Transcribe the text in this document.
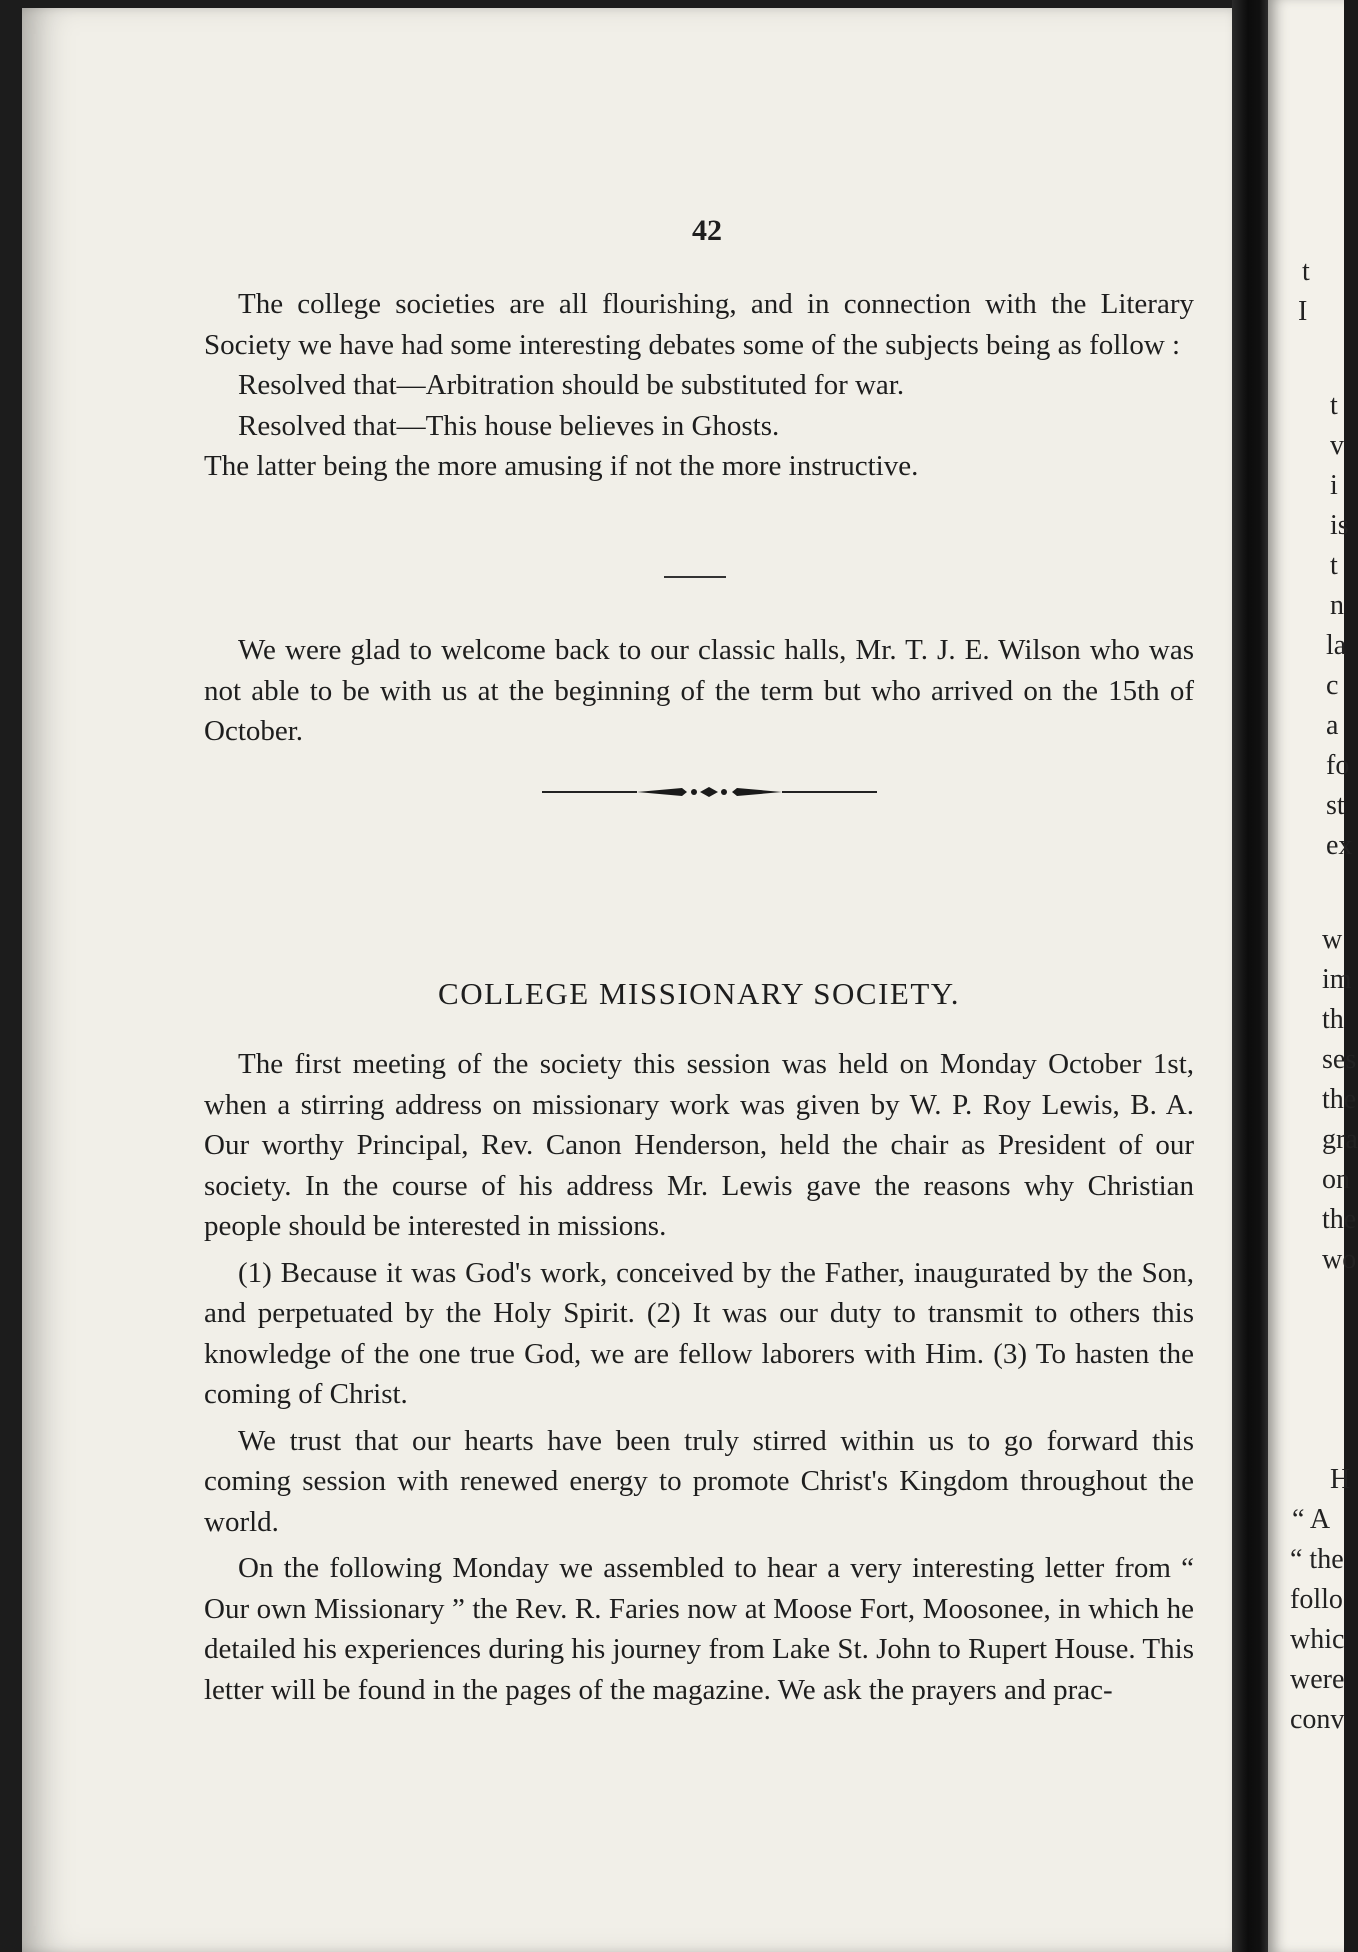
42

The college societies are all flourishing, and in connection with the Literary Society we have had some interesting debates some of the subjects being as follow :

Resolved that—Arbitration should be substituted for war.

Resolved that—This house believes in Ghosts.

The latter being the more amusing if not the more instructive.

We were glad to welcome back to our classic halls, Mr. T. J. E. Wilson who was not able to be with us at the beginning of the term but who arrived on the 15th of October.

COLLEGE MISSIONARY SOCIETY.

The first meeting of the society this session was held on Monday October 1st, when a stirring address on missionary work was given by W. P. Roy Lewis, B. A. Our worthy Principal, Rev. Canon Henderson, held the chair as President of our society. In the course of his address Mr. Lewis gave the reasons why Christian people should be interested in missions.

(1) Because it was God's work, conceived by the Father, inaugurated by the Son, and perpetuated by the Holy Spirit. (2) It was our duty to transmit to others this knowledge of the one true God, we are fellow laborers with Him. (3) To hasten the coming of Christ.

We trust that our hearts have been truly stirred within us to go forward this coming session with renewed energy to promote Christ's Kingdom throughout the world.

On the following Monday we assembled to hear a very interesting letter from “ Our own Missionary ” the Rev. R. Faries now at Moose Fort, Moosonee, in which he detailed his experiences during his journey from Lake St. John to Rupert House. This letter will be found in the pages of the magazine. We ask the prayers and prac-

t
I
t
v
i
is
t
n
la
c
a
fo
st
ex
w
im
th
ses
the
gra
on
the
wo
H
“ A
“ the
follo
whic
were
conv
